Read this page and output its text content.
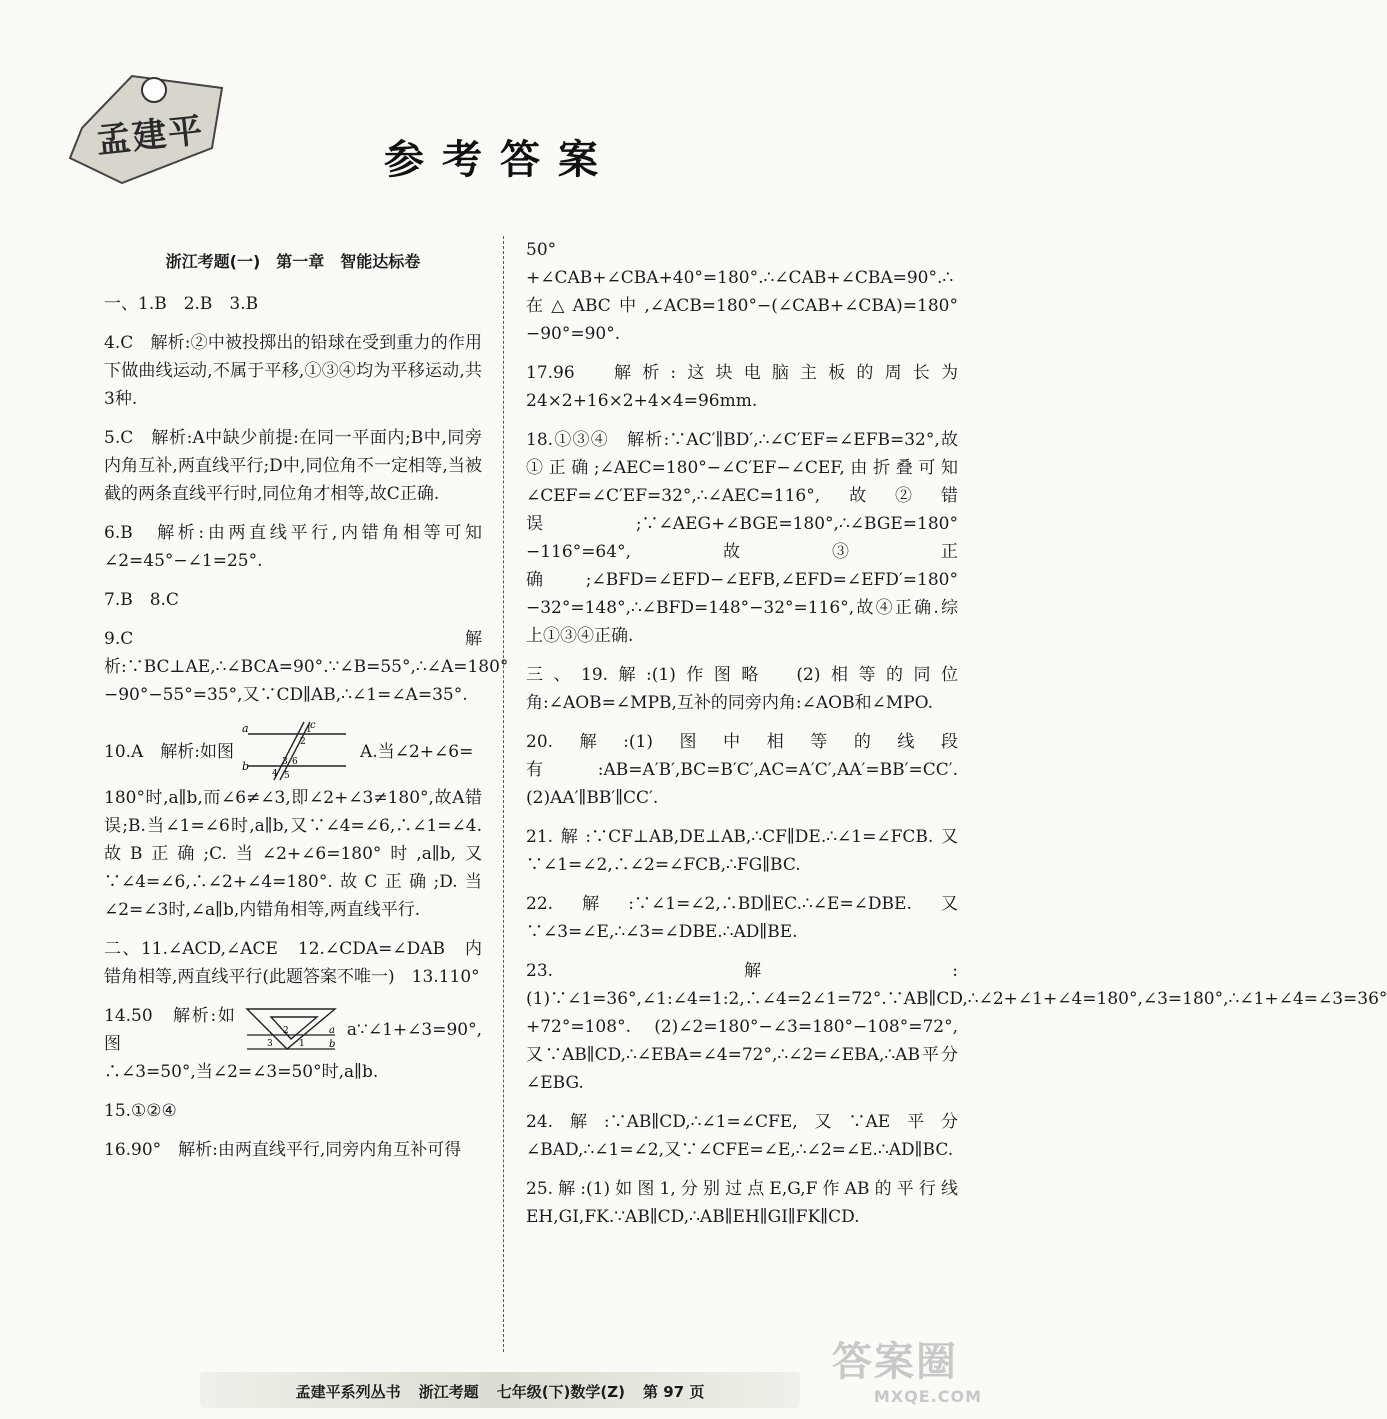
孟建平	参考答案
浙江考题(一)　第一章　智能达标卷
一、1.B　2.B　3.B
4.C　解析:②中被投掷出的铅球在受到重力的作用下做曲线运动,不属于平移,①③④均为平移运动,共3种.
5.C　解析:A中缺少前提:在同一平面内;B中,同旁内角互补,两直线平行;D中,同位角不一定相等,当被截的两条直线平行时,同位角才相等,故C正确.
6.B　解析:由两直线平行,内错角相等可知∠2=45°−∠1=25°.
7.B　8.C
9.C　解析:∵BC⊥AE,∴∠BCA=90°.∵∠B=55°,∴∠A=180°−90°−55°=35°,又∵CD∥AB,∴∠1=∠A=35°.
10.A　解析:如图
a
b
c
1
2
3
4 5
6	A.当∠2+∠6=
180°时,a∥b,而∠6≠∠3,即∠2+∠3≠180°,故A错误;B.当∠1=∠6时,a∥b,又∵∠4=∠6,∴∠1=∠4.故B正确;C.当∠2+∠6=180°时,a∥b,又∵∠4=∠6,∴∠2+∠4=180°.故C正确;D.当∠2=∠3时,∠a∥b,内错角相等,两直线平行.
二、11.∠ACD,∠ACE　12.∠CDA=∠DAB　内错角相等,两直线平行(此题答案不唯一)　13.110°
14.50　解析:如图	3
2
1
a
b
a∵∠1+∠3=90°,
∴∠3=50°,当∠2=∠3=50°时,a∥b.
15.①②④
16.90°　解析:由两直线平行,同旁内角互补可得
50°+∠CAB+∠CBA+40°=180°.∴∠CAB+∠CBA=90°.∴在△ABC中,∠ACB=180°−(∠CAB+∠CBA)=180°−90°=90°.
17.96　解析:这块电脑主板的周长为24×2+16×2+4×4=96mm.
18.①③④　解析:∵AC′∥BD′,∴∠C′EF=∠EFB=32°,故①正确;∠AEC=180°−∠C′EF−∠CEF,由折叠可知∠CEF=∠C′EF=32°,∴∠AEC=116°,故②错误;∵∠AEG+∠BGE=180°,∴∠BGE=180°−116°=64°,故③正确;∠BFD=∠EFD−∠EFB,∠EFD=∠EFD′=180°−32°=148°,∴∠BFD=148°−32°=116°,故④正确.综上①③④正确.
三、19.解:(1)作图略　(2)相等的同位角:∠AOB=∠MPB,互补的同旁内角:∠AOB和∠MPO.
20.解:(1)图中相等的线段有:AB=A′B′,BC=B′C′,AC=A′C′,AA′=BB′=CC′.　(2)AA′∥BB′∥CC′.
21.解:∵CF⊥AB,DE⊥AB,∴CF∥DE.∴∠1=∠FCB.又∵∠1=∠2,∴∠2=∠FCB,∴FG∥BC.
22.解:∵∠1=∠2,∴BD∥EC.∴∠E=∠DBE.又∵∠3=∠E,∴∠3=∠DBE.∴AD∥BE.
23.解:(1)∵∠1=36°,∠1:∠4=1:2,∴∠4=2∠1=72°.∵AB∥CD,∴∠2+∠1+∠4=180°,∠3=180°,∴∠1+∠4=∠3=36°+72°=108°.　(2)∠2=180°−∠3=180°−108°=72°,又∵AB∥CD,∴∠EBA=∠4=72°,∴∠2=∠EBA,∴AB平分∠EBG.
24.解:∵AB∥CD,∴∠1=∠CFE,又∵AE平分∠BAD,∴∠1=∠2,又∵∠CFE=∠E,∴∠2=∠E.∴AD∥BC.
25.解:(1)如图1,分别过点E,G,F作AB的平行线EH,GI,FK.∵AB∥CD,∴AB∥EH∥GI∥FK∥CD.
孟建平系列丛书 浙江考题 七年级(下)数学(Z) 第 97 页
答案圈
MXQE.COM
